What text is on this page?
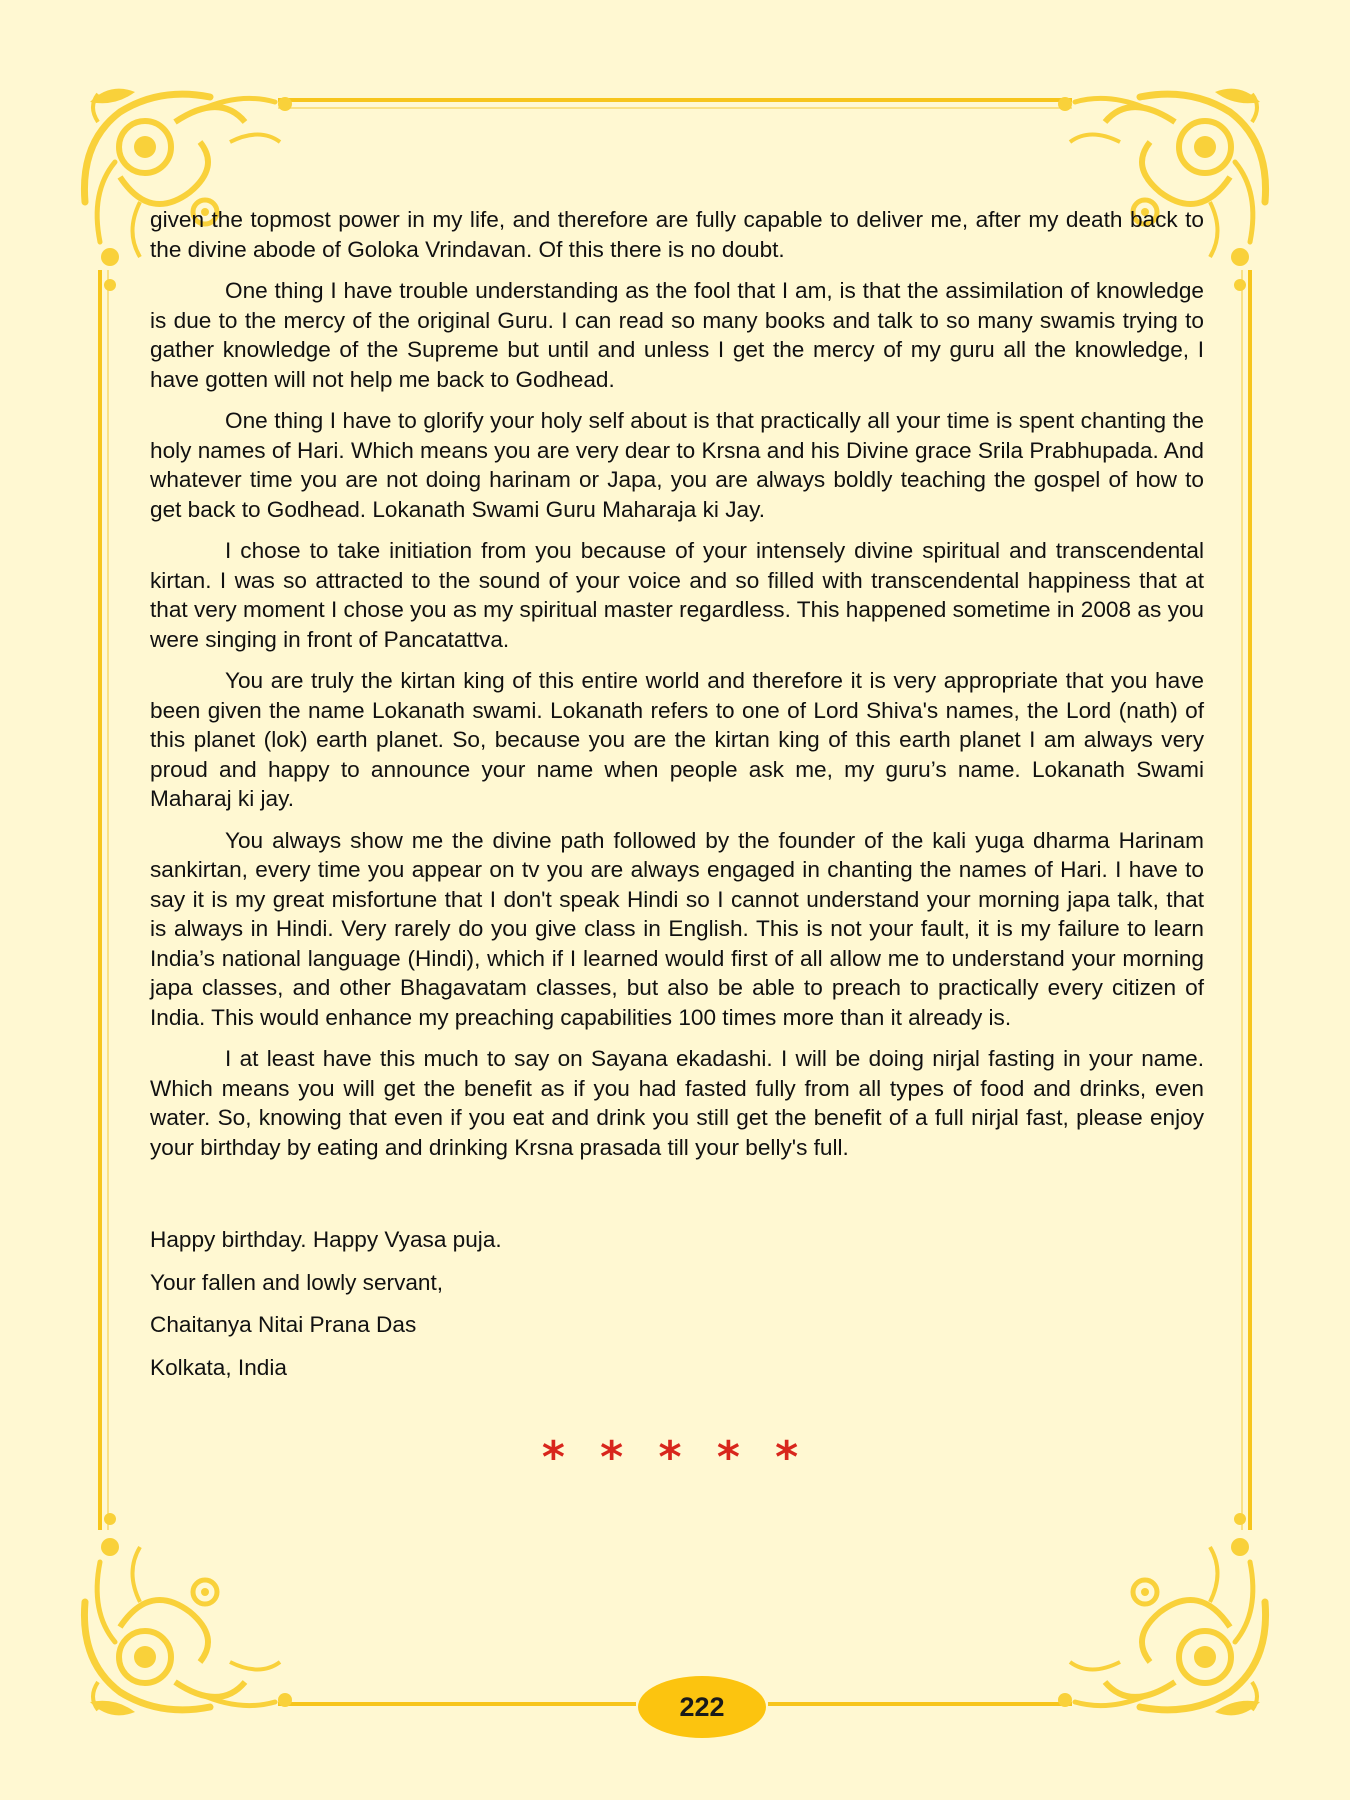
given the topmost power in my life, and therefore are fully capable to deliver me, after my death back to the divine abode of Goloka Vrindavan. Of this there is no doubt.

One thing I have trouble understanding as the fool that I am, is that the assimilation of knowledge is due to the mercy of the original Guru. I can read so many books and talk to so many swamis trying to gather knowledge of the Supreme but until and unless I get the mercy of my guru all the knowledge, I have gotten will not help me back to Godhead.

One thing I have to glorify your holy self about is that practically all your time is spent chanting the holy names of Hari. Which means you are very dear to Krsna and his Divine grace Srila Prabhupada. And whatever time you are not doing harinam or Japa, you are always boldly teaching the gospel of how to get back to Godhead. Lokanath Swami Guru Maharaja ki Jay.

I chose to take initiation from you because of your intensely divine spiritual and transcendental kirtan. I was so attracted to the sound of your voice and so filled with transcendental happiness that at that very moment I chose you as my spiritual master regardless. This happened sometime in 2008 as you were singing in front of Pancatattva.

You are truly the kirtan king of this entire world and therefore it is very appropriate that you have been given the name Lokanath swami. Lokanath refers to one of Lord Shiva's names, the Lord (nath) of this planet (lok) earth planet. So, because you are the kirtan king of this earth planet I am always very proud and happy to announce your name when people ask me, my guru’s name. Lokanath Swami Maharaj ki jay.

You always show me the divine path followed by the founder of the kali yuga dharma Harinam sankirtan, every time you appear on tv you are always engaged in chanting the names of Hari. I have to say it is my great misfortune that I don't speak Hindi so I cannot understand your morning japa talk, that is always in Hindi. Very rarely do you give class in English. This is not your fault, it is my failure to learn India’s national language (Hindi), which if I learned would first of all allow me to understand your morning japa classes, and other Bhagavatam classes, but also be able to preach to practically every citizen of India. This would enhance my preaching capabilities 100 times more than it already is.

I at least have this much to say on Sayana ekadashi. I will be doing nirjal fasting in your name. Which means you will get the benefit as if you had fasted fully from all types of food and drinks, even water. So, knowing that even if you eat and drink you still get the benefit of a full nirjal fast, please enjoy your birthday by eating and drinking Krsna prasada till your belly's full.

Happy birthday. Happy Vyasa puja.
Your fallen and lowly servant,
Chaitanya Nitai Prana Das
Kolkata, India
* * * * *
222
